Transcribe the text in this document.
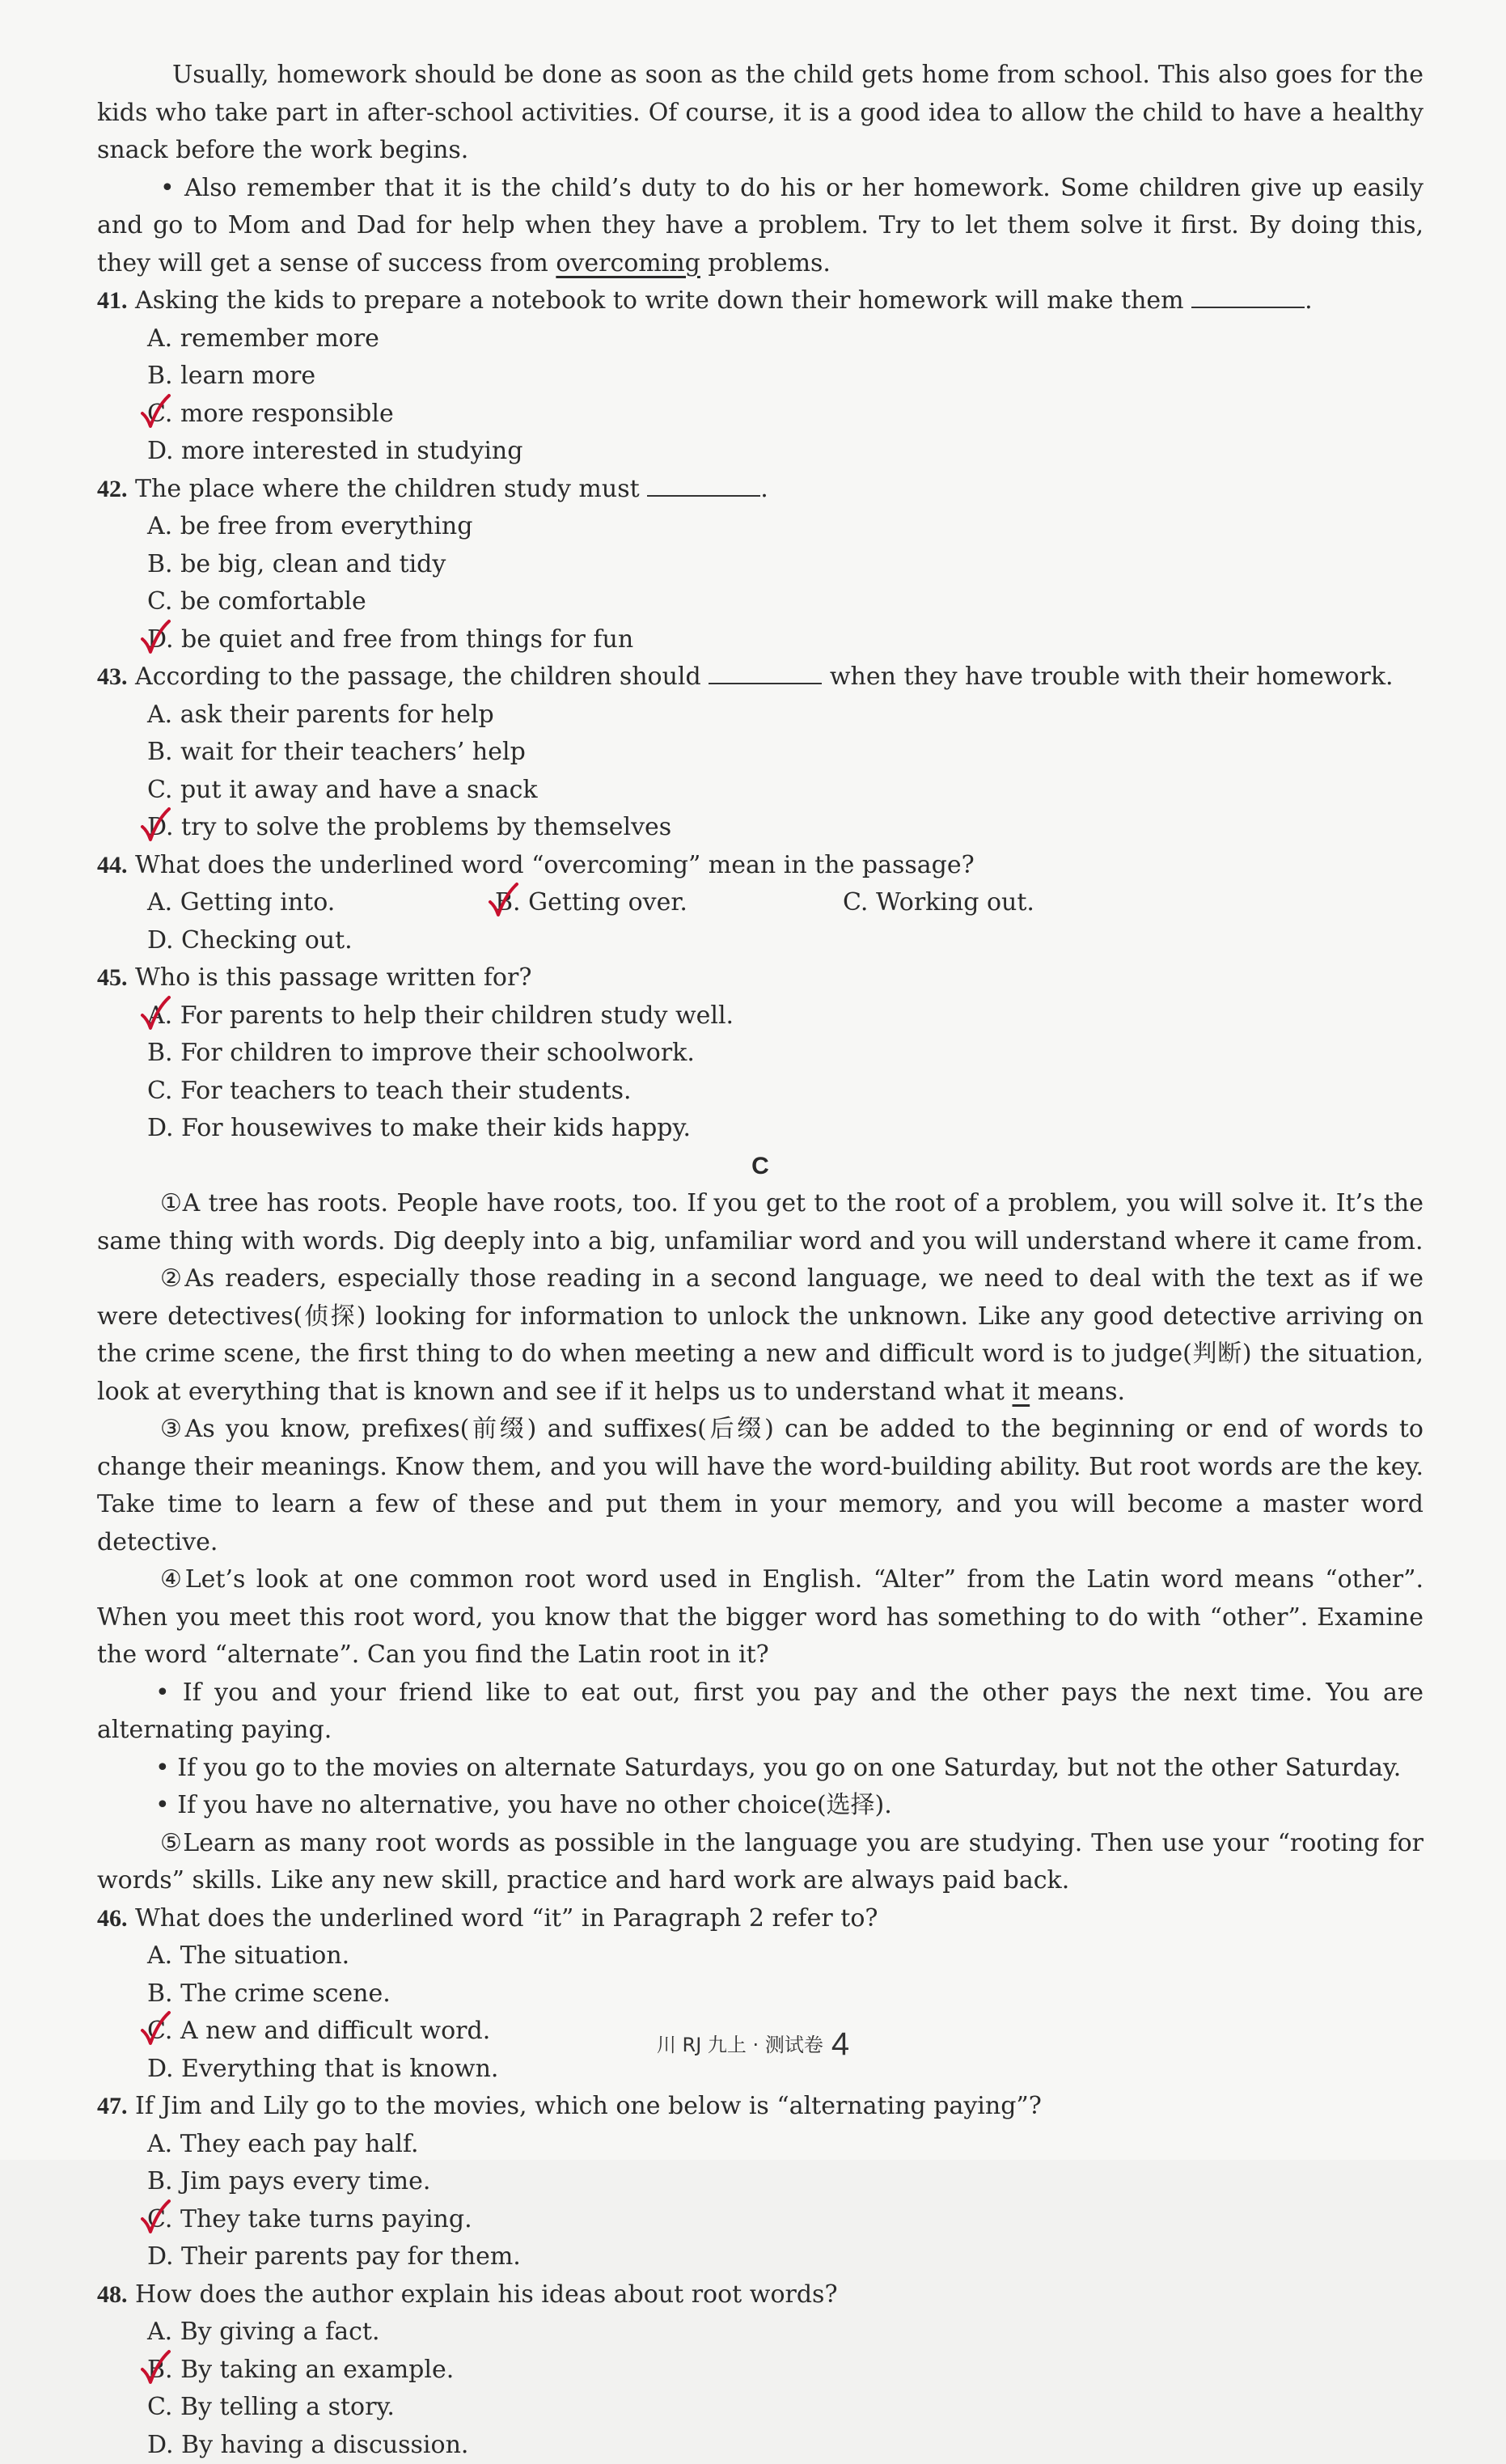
Usually, homework should be done as soon as the child gets home from school. This also goes for the kids who take part in after-school activities. Of course, it is a good idea to allow the child to have a healthy snack before the work begins.

• Also remember that it is the child’s duty to do his or her homework. Some children give up easily and go to Mom and Dad for help when they have a problem. Try to let them solve it first. By doing this, they will get a sense of success from overcoming problems.

41. Asking the kids to prepare a notebook to write down their homework will make them	.

A. remember more
B. learn more
C. more responsible
D. more interested in studying

42. The place where the children study must	.

A. be free from everything
B. be big, clean and tidy
C. be comfortable
D. be quiet and free from things for fun

43. According to the passage, the children should	when they have trouble with their homework.

A. ask their parents for help
B. wait for their teachers’ help
C. put it away and have a snack
D. try to solve the problems by themselves

44. What does the underlined word “overcoming” mean in the passage?

A. Getting into.	B. Getting over.	C. Working out.
D. Checking out.

45. Who is this passage written for?

A. For parents to help their children study well.
B. For children to improve their schoolwork.
C. For teachers to teach their students.
D. For housewives to make their kids happy.

C

①A tree has roots. People have roots, too. If you get to the root of a problem, you will solve it. It’s the same thing with words. Dig deeply into a big, unfamiliar word and you will understand where it came from.

②As readers, especially those reading in a second language, we need to deal with the text as if we were detectives(侦探) looking for information to unlock the unknown. Like any good detective arriving on the crime scene, the first thing to do when meeting a new and difficult word is to judge(判断) the situation, look at everything that is known and see if it helps us to understand what it means.

③As you know, prefixes(前缀) and suffixes(后缀) can be added to the beginning or end of words to change their meanings. Know them, and you will have the word-building ability. But root words are the key. Take time to learn a few of these and put them in your memory, and you will become a master word detective.

④Let’s look at one common root word used in English. “Alter” from the Latin word means “other”. When you meet this root word, you know that the bigger word has something to do with “other”. Examine the word “alternate”. Can you find the Latin root in it?

• If you and your friend like to eat out, first you pay and the other pays the next time. You are alternating paying.

• If you go to the movies on alternate Saturdays, you go on one Saturday, but not the other Saturday.

• If you have no alternative, you have no other choice(选择).

⑤Learn as many root words as possible in the language you are studying. Then use your “rooting for words” skills. Like any new skill, practice and hard work are always paid back.

46. What does the underlined word “it” in Paragraph 2 refer to?

A. The situation.
B. The crime scene.
C. A new and difficult word.
D. Everything that is known.

47. If Jim and Lily go to the movies, which one below is “alternating paying”?

A. They each pay half.
B. Jim pays every time.
C. They take turns paying.
D. Their parents pay for them.

48. How does the author explain his ideas about root words?

A. By giving a fact.
B. By taking an example.
C. By telling a story.
D. By having a discussion.
川 RJ 九上 · 测试卷 4
